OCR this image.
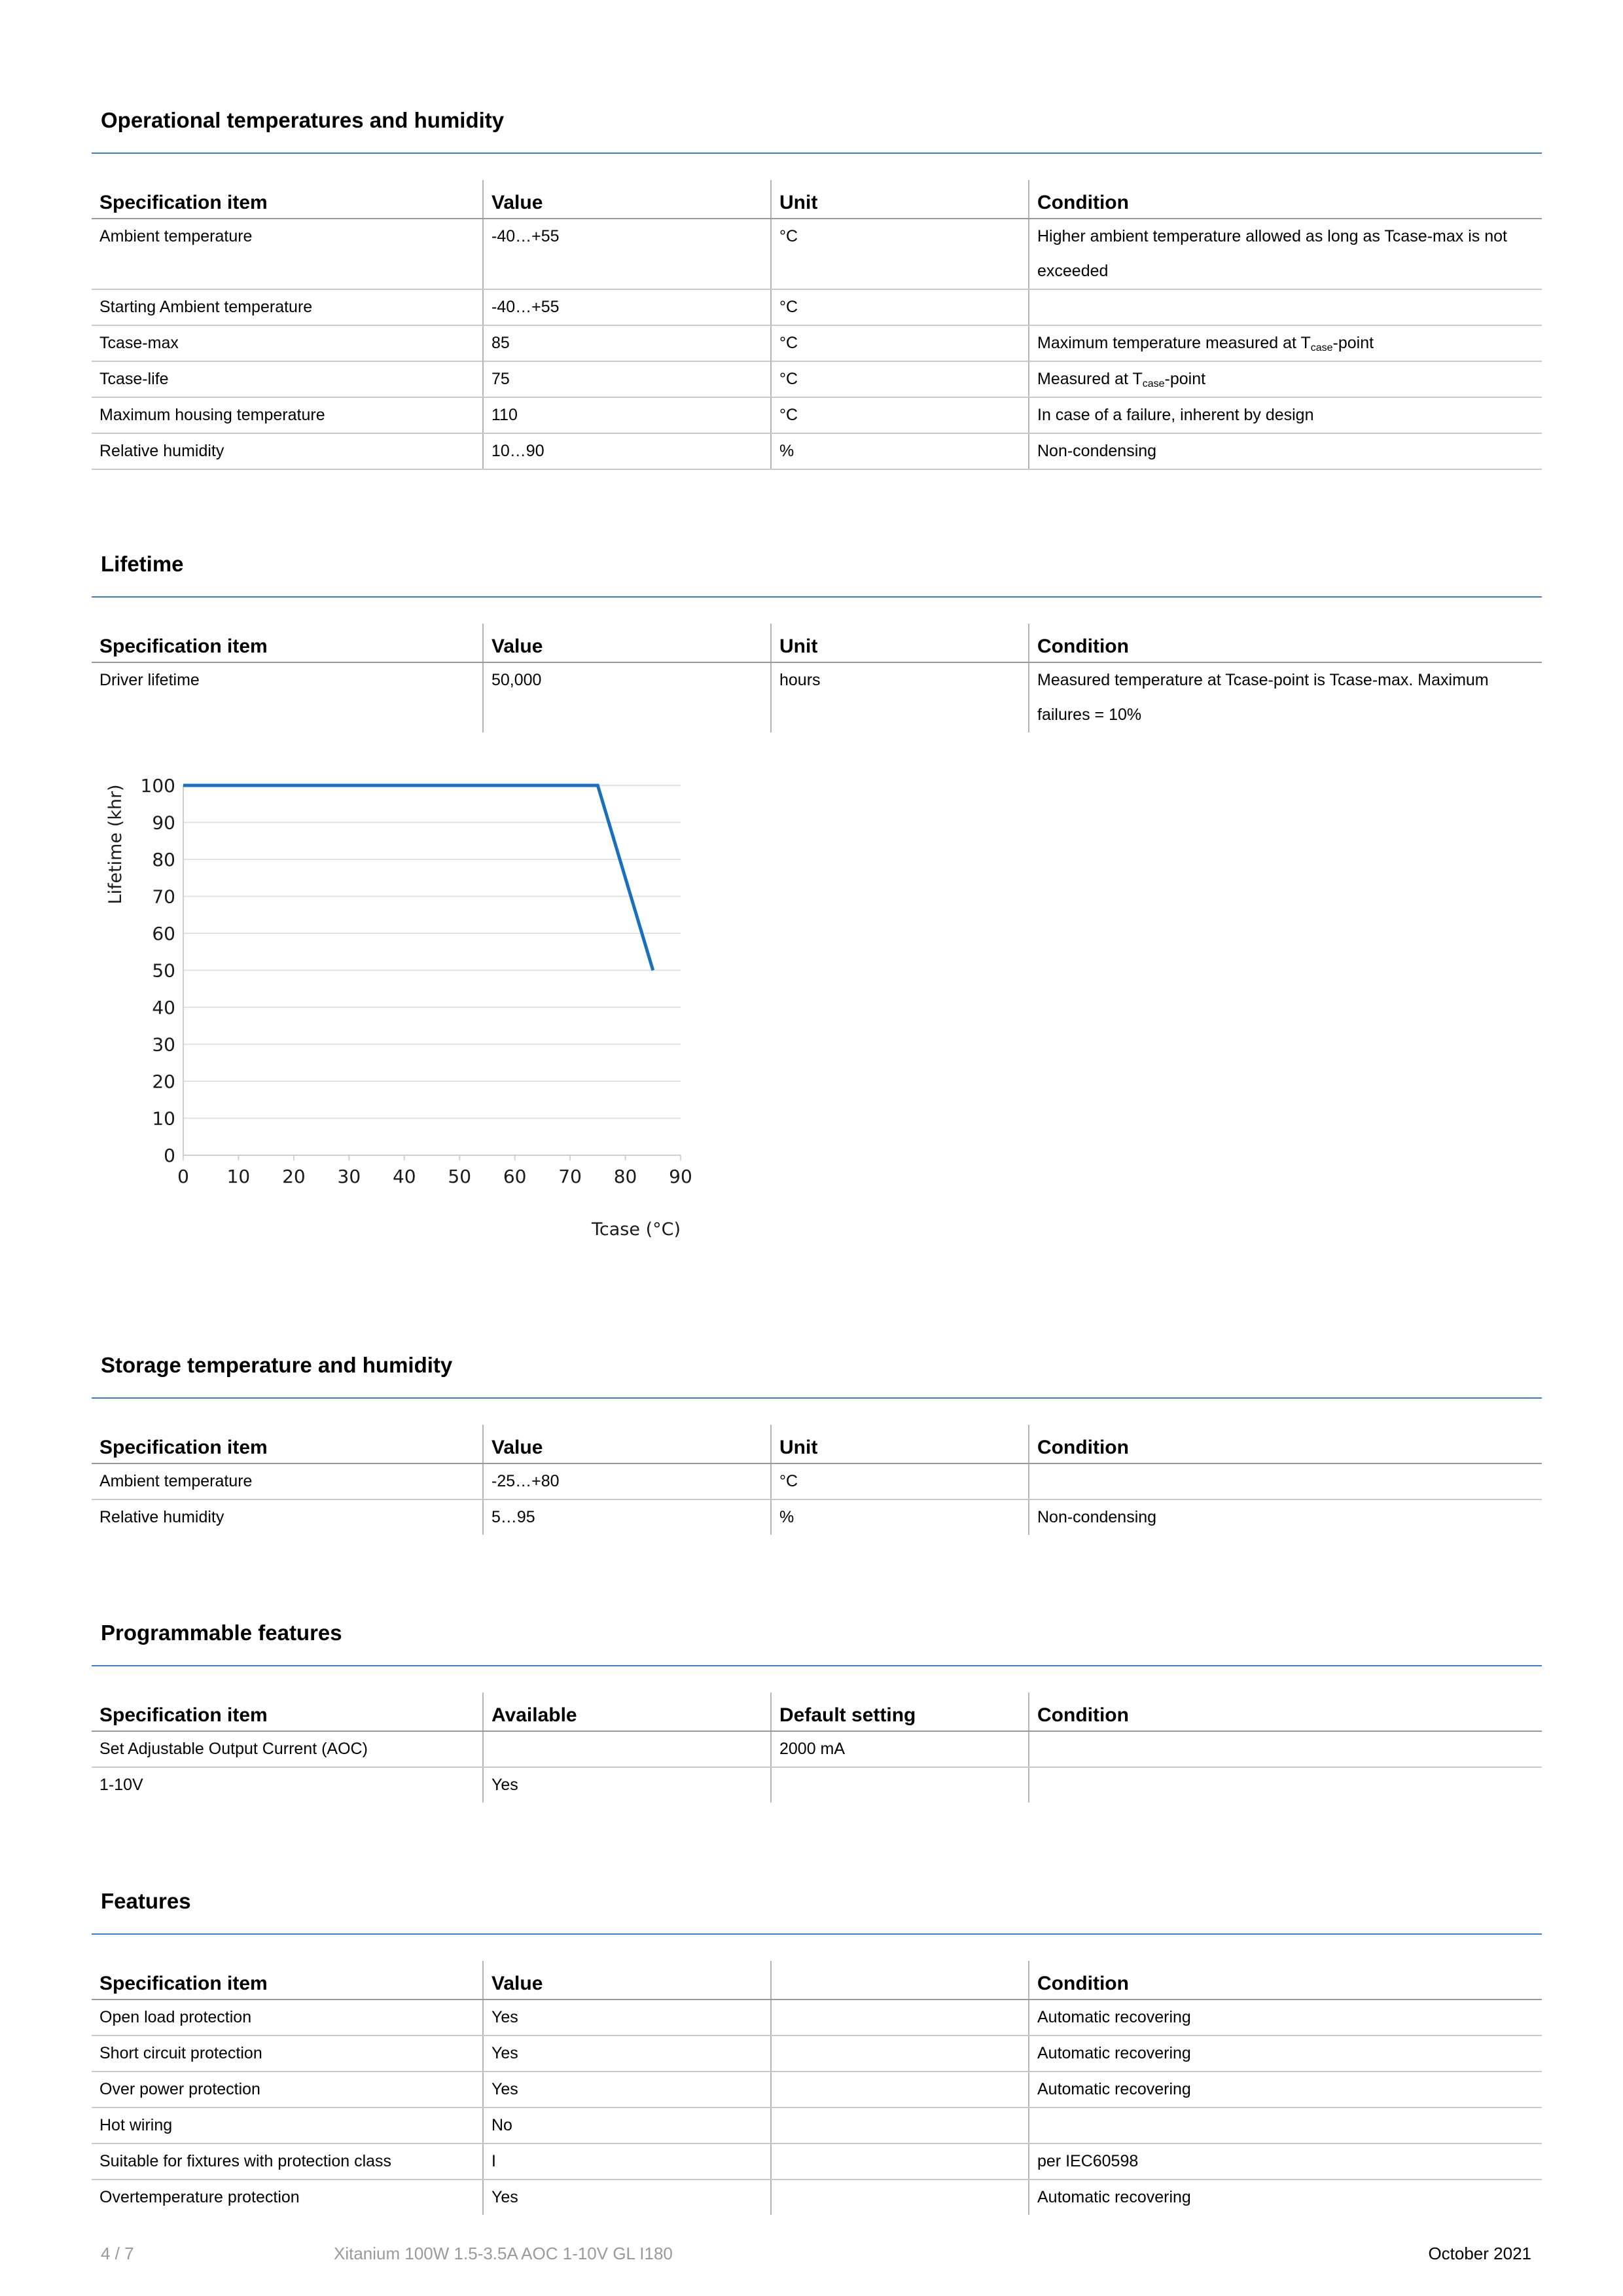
Operational temperatures and humidity
Specification item	Value	Unit	Condition

Ambient temperature	-40…+55	°C	Higher ambient temperature allowed as long as Tcase-max is not
exceeded

Starting Ambient temperature	-40…+55	°C	
Tcase-max	85	°C	Maximum temperature measured at $T_{case}$-point
Tcase-life	75	°C	Measured at $T_{case}$-point
Maximum housing temperature	110	°C	In case of a failure, inherent by design
Relative humidity	10…90	%	Non-condensing
Lifetime
Specification item	Value	Unit	Condition

Driver lifetime	50,000	hours	Measured temperature at Tcase-point is Tcase-max. Maximum
failures = 10%
0
10
20
30
40
50
60
70
80
90
100
0 10 20 30 40 50 60 70 80 90
Tcase (°C)
Lifetime (khr)
Storage temperature and humidity
Specification item	Value	Unit	Condition
Ambient temperature	-25…+80	°C	
Relative humidity	5…95	%	Non-condensing
Programmable features
Specification item	Available	Default setting	Condition
Set Adjustable Output Current (AOC)		2000 mA	
1-10V	Yes		
Features
Specification item	Value		Condition
Open load protection	Yes		Automatic recovering
Short circuit protection	Yes		Automatic recovering
Over power protection	Yes		Automatic recovering
Hot wiring	No		
Suitable for fixtures with protection class	I		per IEC60598
Overtemperature protection	Yes		Automatic recovering
4 / 7	Xitanium 100W 1.5-3.5A AOC 1-10V GL I180	October 2021
